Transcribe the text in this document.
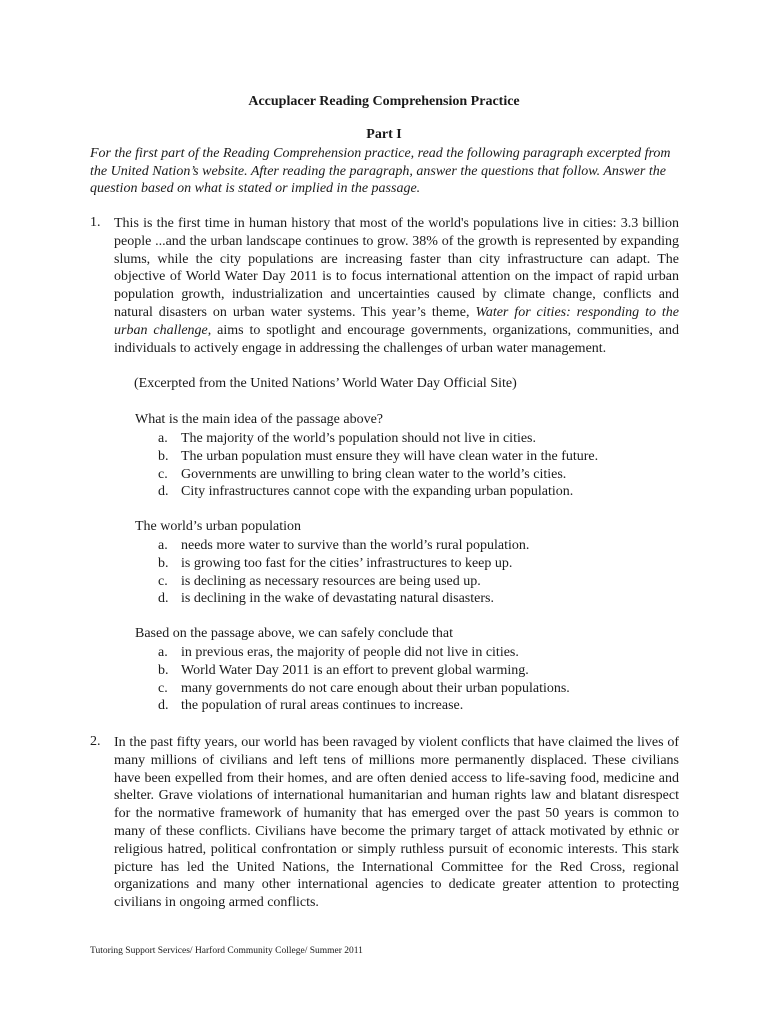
Accuplacer Reading Comprehension Practice
Part I

For the first part of the Reading Comprehension practice, read the following paragraph excerpted from the United Nation’s website. After reading the paragraph, answer the questions that follow. Answer the question based on what is stated or implied in the passage.

1. This is the first time in human history that most of the world's populations live in cities: 3.3 billion people ...and the urban landscape continues to grow. 38% of the growth is represented by expanding slums, while the city populations are increasing faster than city infrastructure can adapt. The objective of World Water Day 2011 is to focus international attention on the impact of rapid urban population growth, industrialization and uncertainties caused by climate change, conflicts and natural disasters on urban water systems. This year’s theme, Water for cities: responding to the urban challenge, aims to spotlight and encourage governments, organizations, communities, and individuals to actively engage in addressing the challenges of urban water management.

(Excerpted from the United Nations’ World Water Day Official Site)

What is the main idea of the passage above?

a. The majority of the world’s population should not live in cities.
b. The urban population must ensure they will have clean water in the future.
c. Governments are unwilling to bring clean water to the world’s cities.
d. City infrastructures cannot cope with the expanding urban population.

The world’s urban population

a. needs more water to survive than the world’s rural population.
b. is growing too fast for the cities’ infrastructures to keep up.
c. is declining as necessary resources are being used up.
d. is declining in the wake of devastating natural disasters.

Based on the passage above, we can safely conclude that

a. in previous eras, the majority of people did not live in cities.
b. World Water Day 2011 is an effort to prevent global warming.
c. many governments do not care enough about their urban populations.
d. the population of rural areas continues to increase.

2. In the past fifty years, our world has been ravaged by violent conflicts that have claimed the lives of many millions of civilians and left tens of millions more permanently displaced. These civilians have been expelled from their homes, and are often denied access to life-saving food, medicine and shelter. Grave violations of international humanitarian and human rights law and blatant disrespect for the normative framework of humanity that has emerged over the past 50 years is common to many of these conflicts. Civilians have become the primary target of attack motivated by ethnic or religious hatred, political confrontation or simply ruthless pursuit of economic interests. This stark picture has led the United Nations, the International Committee for the Red Cross, regional organizations and many other international agencies to dedicate greater attention to protecting civilians in ongoing armed conflicts.

Tutoring Support Services/ Harford Community College/ Summer 2011
